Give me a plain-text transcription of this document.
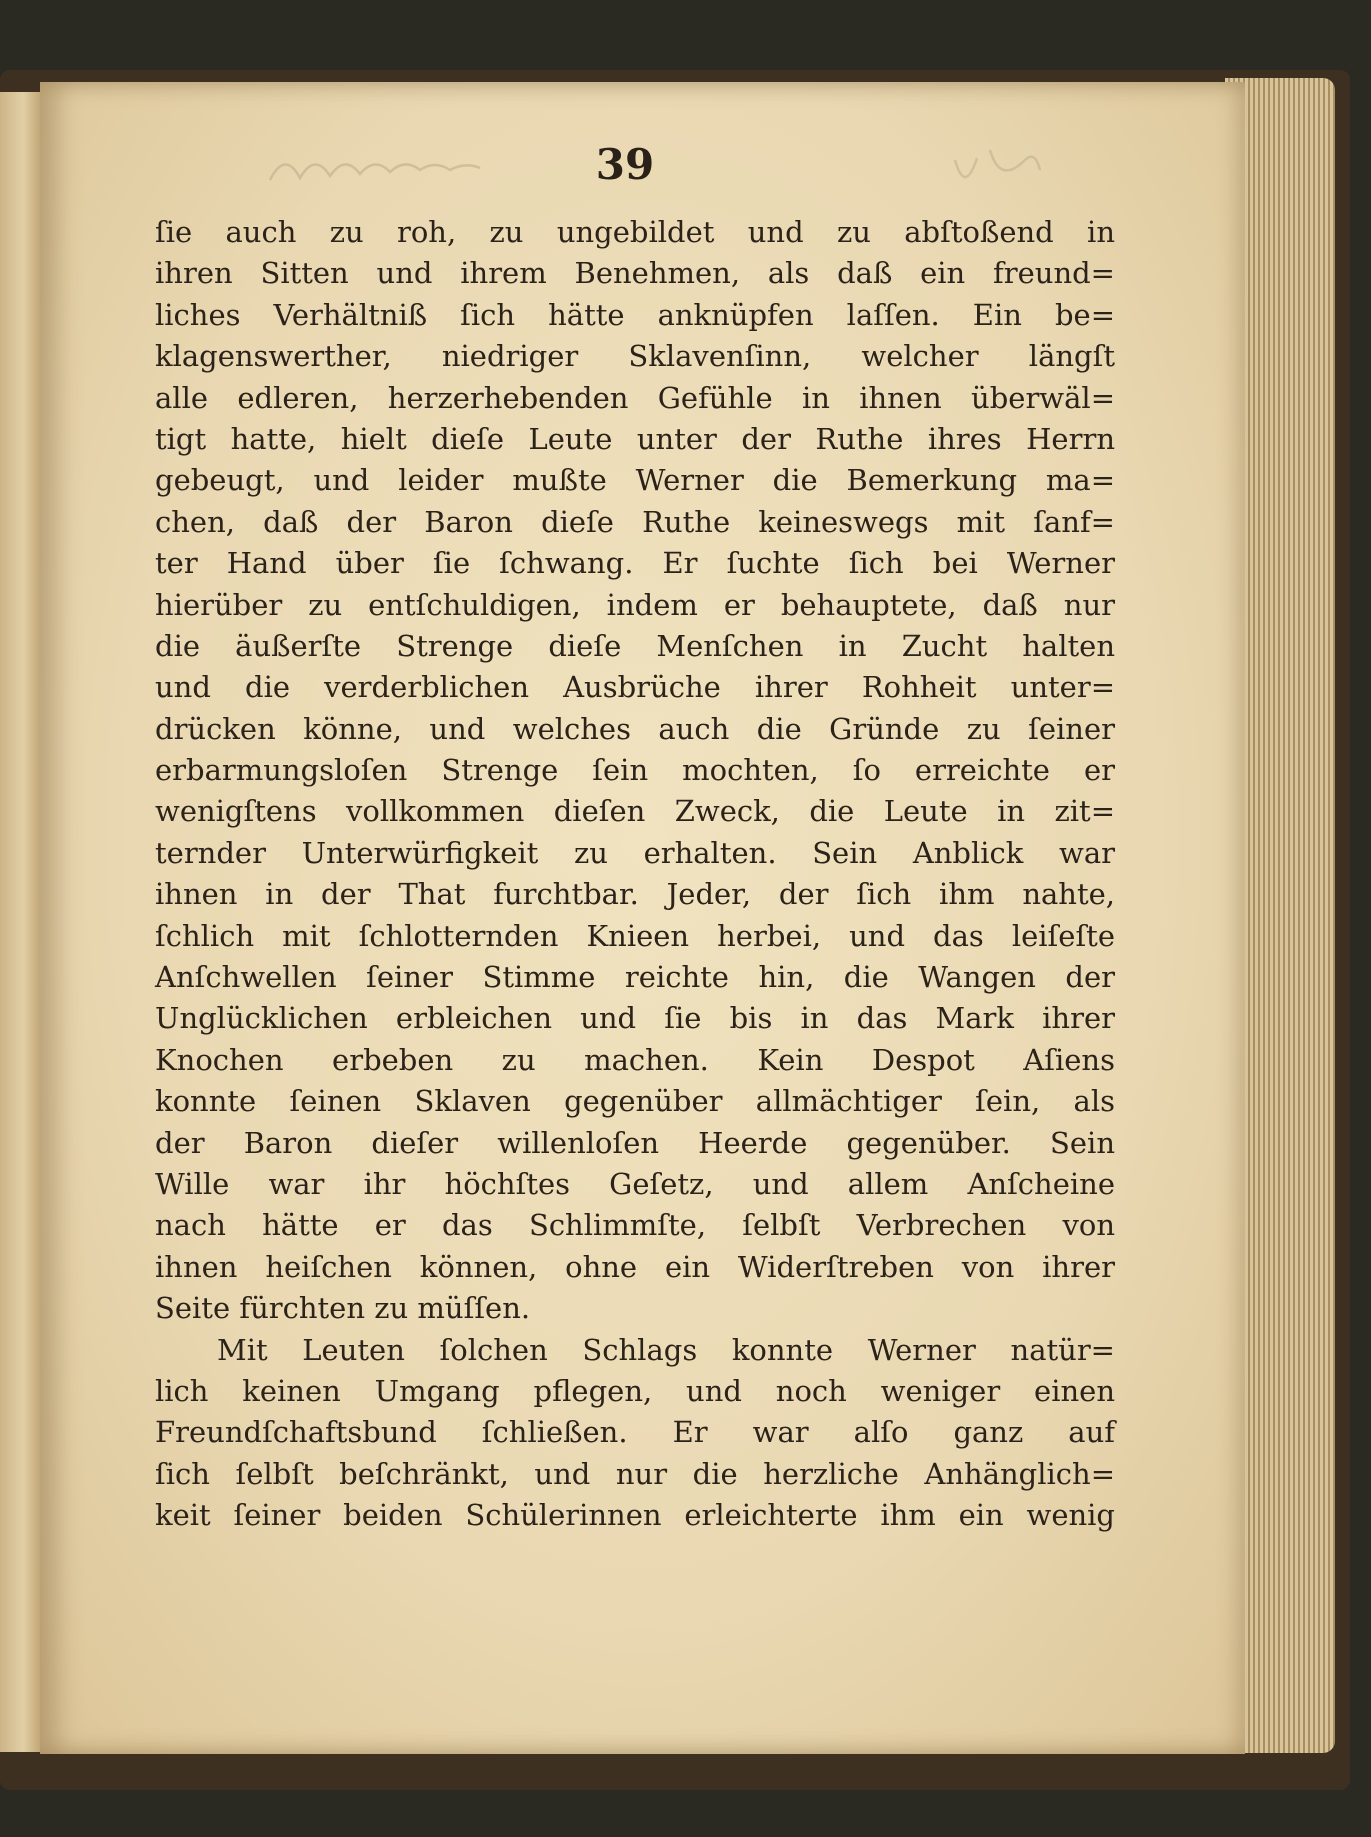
39
ſie auch zu roh, zu ungebildet und zu abſtoßend in
ihren Sitten und ihrem Benehmen, als daß ein freund=
liches Verhältniß ſich hätte anknüpfen laſſen. Ein be=
klagenswerther, niedriger Sklavenſinn, welcher längſt
alle edleren, herzerhebenden Gefühle in ihnen überwäl=
tigt hatte, hielt dieſe Leute unter der Ruthe ihres Herrn
gebeugt, und leider mußte Werner die Bemerkung ma=
chen, daß der Baron dieſe Ruthe keineswegs mit ſanf=
ter Hand über ſie ſchwang. Er ſuchte ſich bei Werner
hierüber zu entſchuldigen, indem er behauptete, daß nur
die äußerſte Strenge dieſe Menſchen in Zucht halten
und die verderblichen Ausbrüche ihrer Rohheit unter=
drücken könne, und welches auch die Gründe zu ſeiner
erbarmungsloſen Strenge ſein mochten, ſo erreichte er
wenigſtens vollkommen dieſen Zweck, die Leute in zit=
ternder Unterwürfigkeit zu erhalten. Sein Anblick war
ihnen in der That furchtbar. Jeder, der ſich ihm nahte,
ſchlich mit ſchlotternden Knieen herbei, und das leiſeſte
Anſchwellen ſeiner Stimme reichte hin, die Wangen der
Unglücklichen erbleichen und ſie bis in das Mark ihrer
Knochen erbeben zu machen. Kein Despot Aſiens
konnte ſeinen Sklaven gegenüber allmächtiger ſein, als
der Baron dieſer willenloſen Heerde gegenüber. Sein
Wille war ihr höchſtes Geſetz, und allem Anſcheine
nach hätte er das Schlimmſte, ſelbſt Verbrechen von
ihnen heiſchen können, ohne ein Widerſtreben von ihrer
Seite fürchten zu müſſen.
Mit Leuten ſolchen Schlags konnte Werner natür=
lich keinen Umgang pflegen, und noch weniger einen
Freundſchaftsbund ſchließen. Er war alſo ganz auf
ſich ſelbſt beſchränkt, und nur die herzliche Anhänglich=
keit ſeiner beiden Schülerinnen erleichterte ihm ein wenig
